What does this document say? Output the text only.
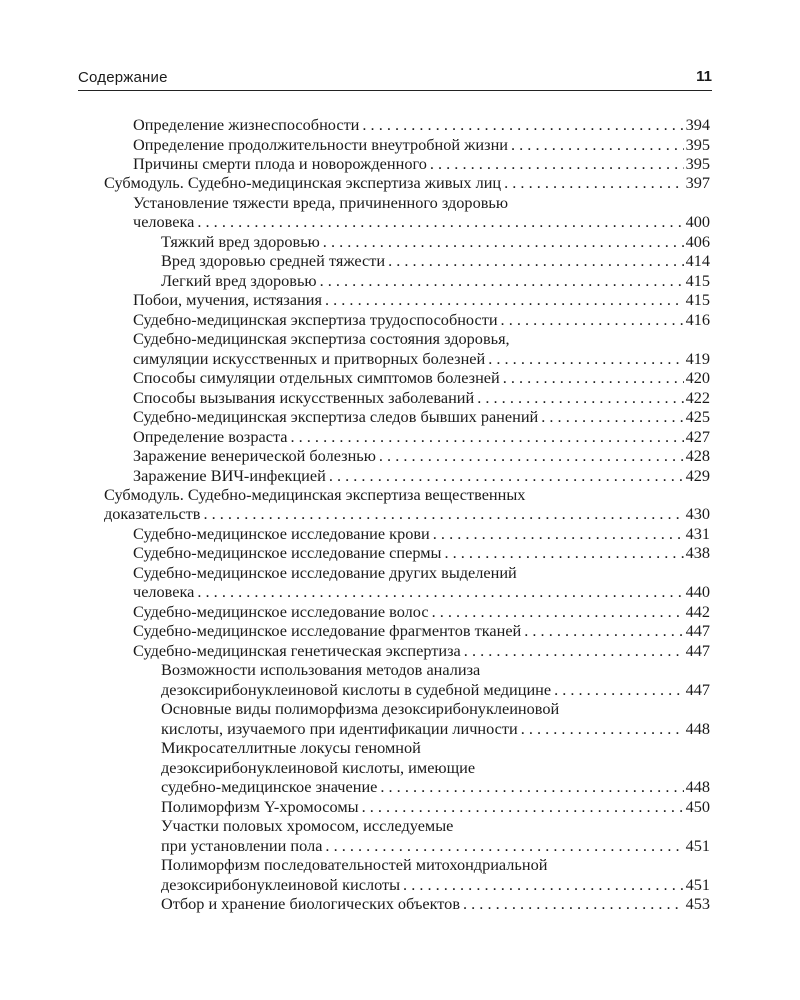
Содержание	11
Определение жизнеспособности . . .	394
Определение продолжительности внеутробной жизни . . .	395
Причины смерти плода и новорожденного . . .	395
Субмодуль. Судебно-медицинская экспертиза живых лиц . . .	397
Установление тяжести вреда, причиненного здоровью
человека . . .	400
Тяжкий вред здоровью . . .	406
Вред здоровью средней тяжести . . .	414
Легкий вред здоровью . . .	415
Побои, мучения, истязания . . .	415
Судебно-медицинская экспертиза трудоспособности . . .	416
Судебно-медицинская экспертиза состояния здоровья,
симуляции искусственных и притворных болезней . . .	419
Способы симуляции отдельных симптомов болезней . . .	420
Способы вызывания искусственных заболеваний . . .	422
Судебно-медицинская экспертиза следов бывших ранений . . .	425
Определение возраста . . .	427
Заражение венерической болезнью . . .	428
Заражение ВИЧ-инфекцией . . .	429
Субмодуль. Судебно-медицинская экспертиза вещественных
доказательств . . .	430
Судебно-медицинское исследование крови . . .	431
Судебно-медицинское исследование спермы . . .	438
Судебно-медицинское исследование других выделений
человека . . .	440
Судебно-медицинское исследование волос . . .	442
Судебно-медицинское исследование фрагментов тканей . . .	447
Судебно-медицинская генетическая экспертиза . . .	447
Возможности использования методов анализа
дезоксирибонуклеиновой кислоты в судебной медицине . . .	447
Основные виды полиморфизма дезоксирибонуклеиновой
кислоты, изучаемого при идентификации личности . . .	448
Микросателлитные локусы геномной
дезоксирибонуклеиновой кислоты, имеющие
судебно-медицинское значение . . .	448
Полиморфизм Y-хромосомы . . .	450
Участки половых хромосом, исследуемые
при установлении пола . . .	451
Полиморфизм последовательностей митохондриальной
дезоксирибонуклеиновой кислоты . . .	451
Отбор и хранение биологических объектов . . .	453
